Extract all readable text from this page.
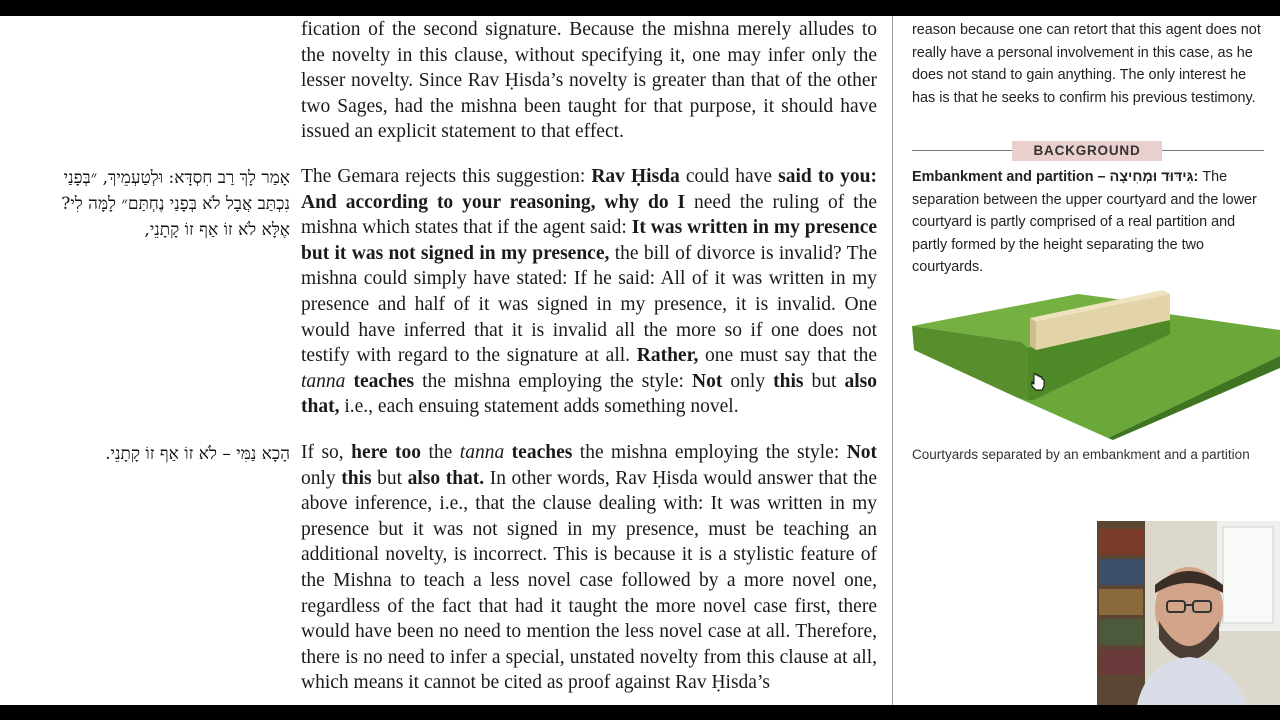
אָמַר לָךְ רַב חִסְדָּא: וּלְטַעְמֵיךְ, ״בְּפָנַי
נִכְתַּב אֲבָל לֹא בְּפָנַי נֶחְתַּם״ לָמָּה לִי?
אֶלָּא לֹא זוֹ אַף זוֹ קָתָנֵי,
הָכָא נַמִּי – לֹא זוֹ אַף זוֹ קָתָנֵי.
fication of the second signature. Because the mishna merely alludes to the novelty in this clause, without specifying it, one may infer only the lesser novelty. Since Rav Ḥisda’s novelty is greater than that of the other two Sages, had the mishna been taught for that purpose, it should have issued an explicit statement to that effect.
The Gemara rejects this suggestion: Rav Ḥisda could have said to you: And according to your reasoning, why do I need the ruling of the mishna which states that if the agent said: It was written in my presence but it was not signed in my presence, the bill of divorce is invalid? The mishna could simply have stated: If he said: All of it was written in my presence and half of it was signed in my presence, it is invalid. One would have inferred that it is invalid all the more so if one does not testify with regard to the signature at all. Rather, one must say that the tanna teaches the mishna employing the style: Not only this but also that, i.e., each ensuing statement adds something novel.
If so, here too the tanna teaches the mishna employing the style: Not only this but also that. In other words, Rav Ḥisda would answer that the above inference, i.e., that the clause dealing with: It was written in my presence but it was not signed in my presence, must be teaching an additional novelty, is incorrect. This is because it is a stylistic feature of the Mishna to teach a less novel case followed by a more novel one, regardless of the fact that had it taught the more novel case first, there would have been no need to mention the less novel case at all. Therefore, there is no need to infer a special, unstated novelty from this clause at all, which means it cannot be cited as proof against Rav Ḥisda’s
reason because one can retort that this agent does not really have a personal involvement in this case, as he does not stand to gain anything. The only interest he has is that he seeks to confirm his previous testimony.
BACKGROUND
Embankment and partition – גִּידּוּד וּמְחִיצָה: The separation between the upper courtyard and the lower courtyard is partly comprised of a real partition and partly formed by the height separating the two courtyards.
Courtyards separated by an embankment and a partition
